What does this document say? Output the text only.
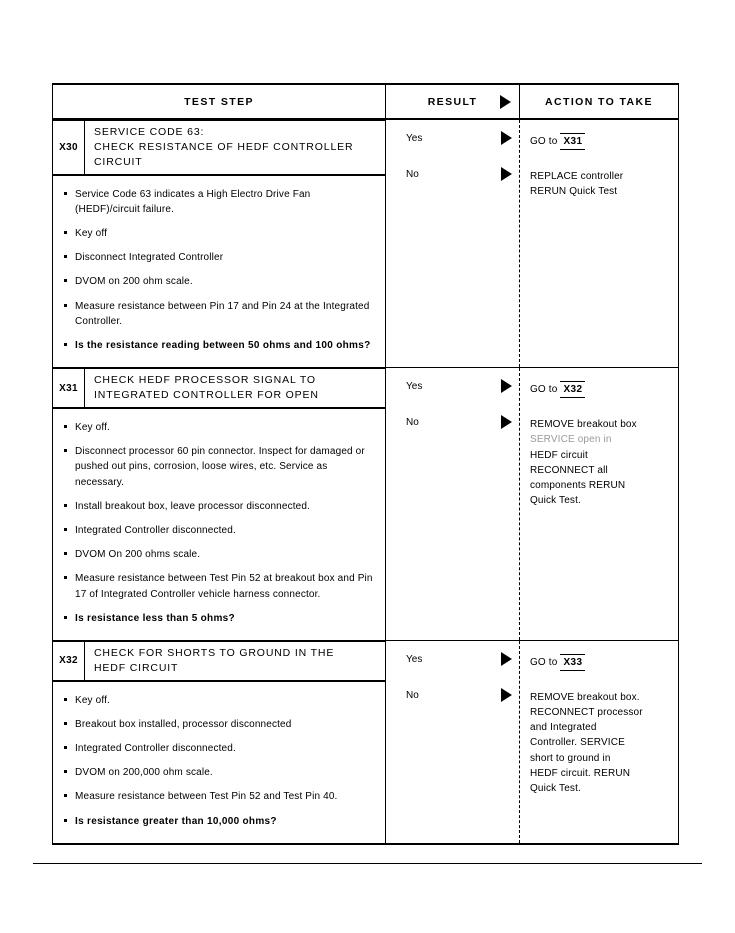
TEST STEP	RESULT	ACTION TO TAKE
X30
SERVICE CODE 63:
CHECK RESISTANCE OF HEDF CONTROLLER
CIRCUIT
Service Code 63 indicates a High Electro Drive Fan (HEDF)/circuit failure.
Key off
Disconnect Integrated Controller
DVOM on 200 ohm scale.
Measure resistance between Pin 17 and Pin 24 at the Integrated Controller.
Is the resistance reading between 50 ohms and 100 ohms?
Yes
No
GO to X31
REPLACE controller
RERUN Quick Test
X31
CHECK HEDF PROCESSOR SIGNAL TO
INTEGRATED CONTROLLER FOR OPEN
Key off.
Disconnect processor 60 pin connector. Inspect for damaged or pushed out pins, corrosion, loose wires, etc. Service as necessary.
Install breakout box, leave processor disconnected.
Integrated Controller disconnected.
DVOM On 200 ohms scale.
Measure resistance between Test Pin 52 at breakout box and Pin 17 of Integrated Controller vehicle harness connector.
Is resistance less than 5 ohms?
Yes
No
GO to X32
REMOVE breakout box
SERVICE open in
HEDF circuit
RECONNECT all
components RERUN
Quick Test.
X32
CHECK FOR SHORTS TO GROUND IN THE
HEDF CIRCUIT
Key off.
Breakout box installed, processor disconnected
Integrated Controller disconnected.
DVOM on 200,000 ohm scale.
Measure resistance between Test Pin 52 and Test Pin 40.
Is resistance greater than 10,000 ohms?
Yes
No
GO to X33
REMOVE breakout box.
RECONNECT processor
and Integrated
Controller. SERVICE
short to ground in
HEDF circuit. RERUN
Quick Test.
